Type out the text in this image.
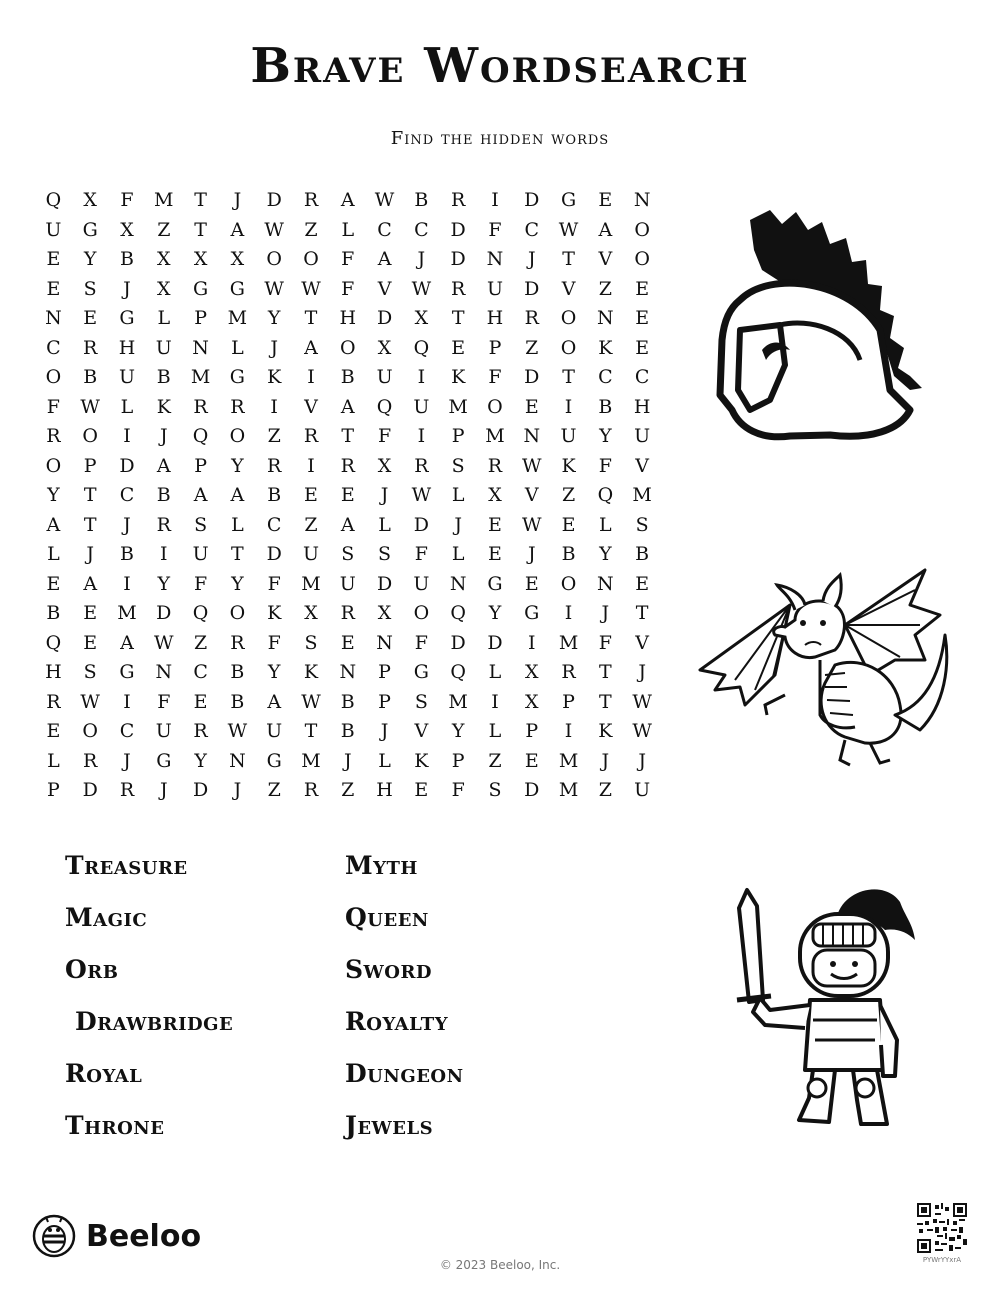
Brave Wordsearch
Find the hidden words
Q	X	F	M	T	J	D	R	A	W	B	R	I	D	G	E	N
U	G	X	Z	T	A	W	Z	L	C	C	D	F	C	W	A	O
E	Y	B	X	X	X	O	O	F	A	J	D	N	J	T	V	O
E	S	J	X	G	G	W W	F	V	W	R	U	D	V	Z	E
N	E	G	L	P	M	Y	T	H	D	X	T	H	R	O	N	E
C	R	H	U	N	L	J	A	O	X	Q	E	P	Z	O	K	E
O	B	U	B	M	G	K	I	B	U	I	K	F	D	T	C	C
F	W	L	K	R	R	I	V	A	Q	U	M	O	E	I	B	H
R	O	I	J	Q	O	Z	R	T	F	I	P	M N	U	Y	U
O	P	D	A	P	Y	R	I	R	X	R	S	R	W	K	F	V
Y	T	C	B	A	A	B	E	E	J	W	L	X	V	Z	Q	M
A	T	J	R	S	L	C	Z	A	L	D	J	E	W	E	L	S
L	J	B	I	U	T	D	U	S	S	F	L	E	J	B	Y	B
E	A	I	Y	F	Y	F	M	U	D	U	N	G	E	O	N	E
B	E	M	D	Q	O	K	X	R	X	O	Q	Y	G	I	J	T
Q	E	A	W	Z	R	F	S	E	N	F	D	D	I	M	F	V
H	S	G	N	C	B	Y	K	N	P	G	Q	L	X	R	T	J
R	W	I	F	E	B	A	W	B	P	S	M	I	X	P	T	W
E	O	C	U	R	W	U	T	B	J	V	Y	L	P	I	K	W
L	R	J	G	Y	N	G	M	J	L	K	P	Z	E	M	J	J
P	D	R	J	D	J	Z	R	Z	H	E	F	S	D	M	Z	U
Treasure	Myth
Magic	Queen
Orb	Sword
Drawbridge	Royalty
Royal	Dungeon
Throne	Jewels
Beeloo
© 2023 Beeloo, Inc.	PYWrYYxrA
